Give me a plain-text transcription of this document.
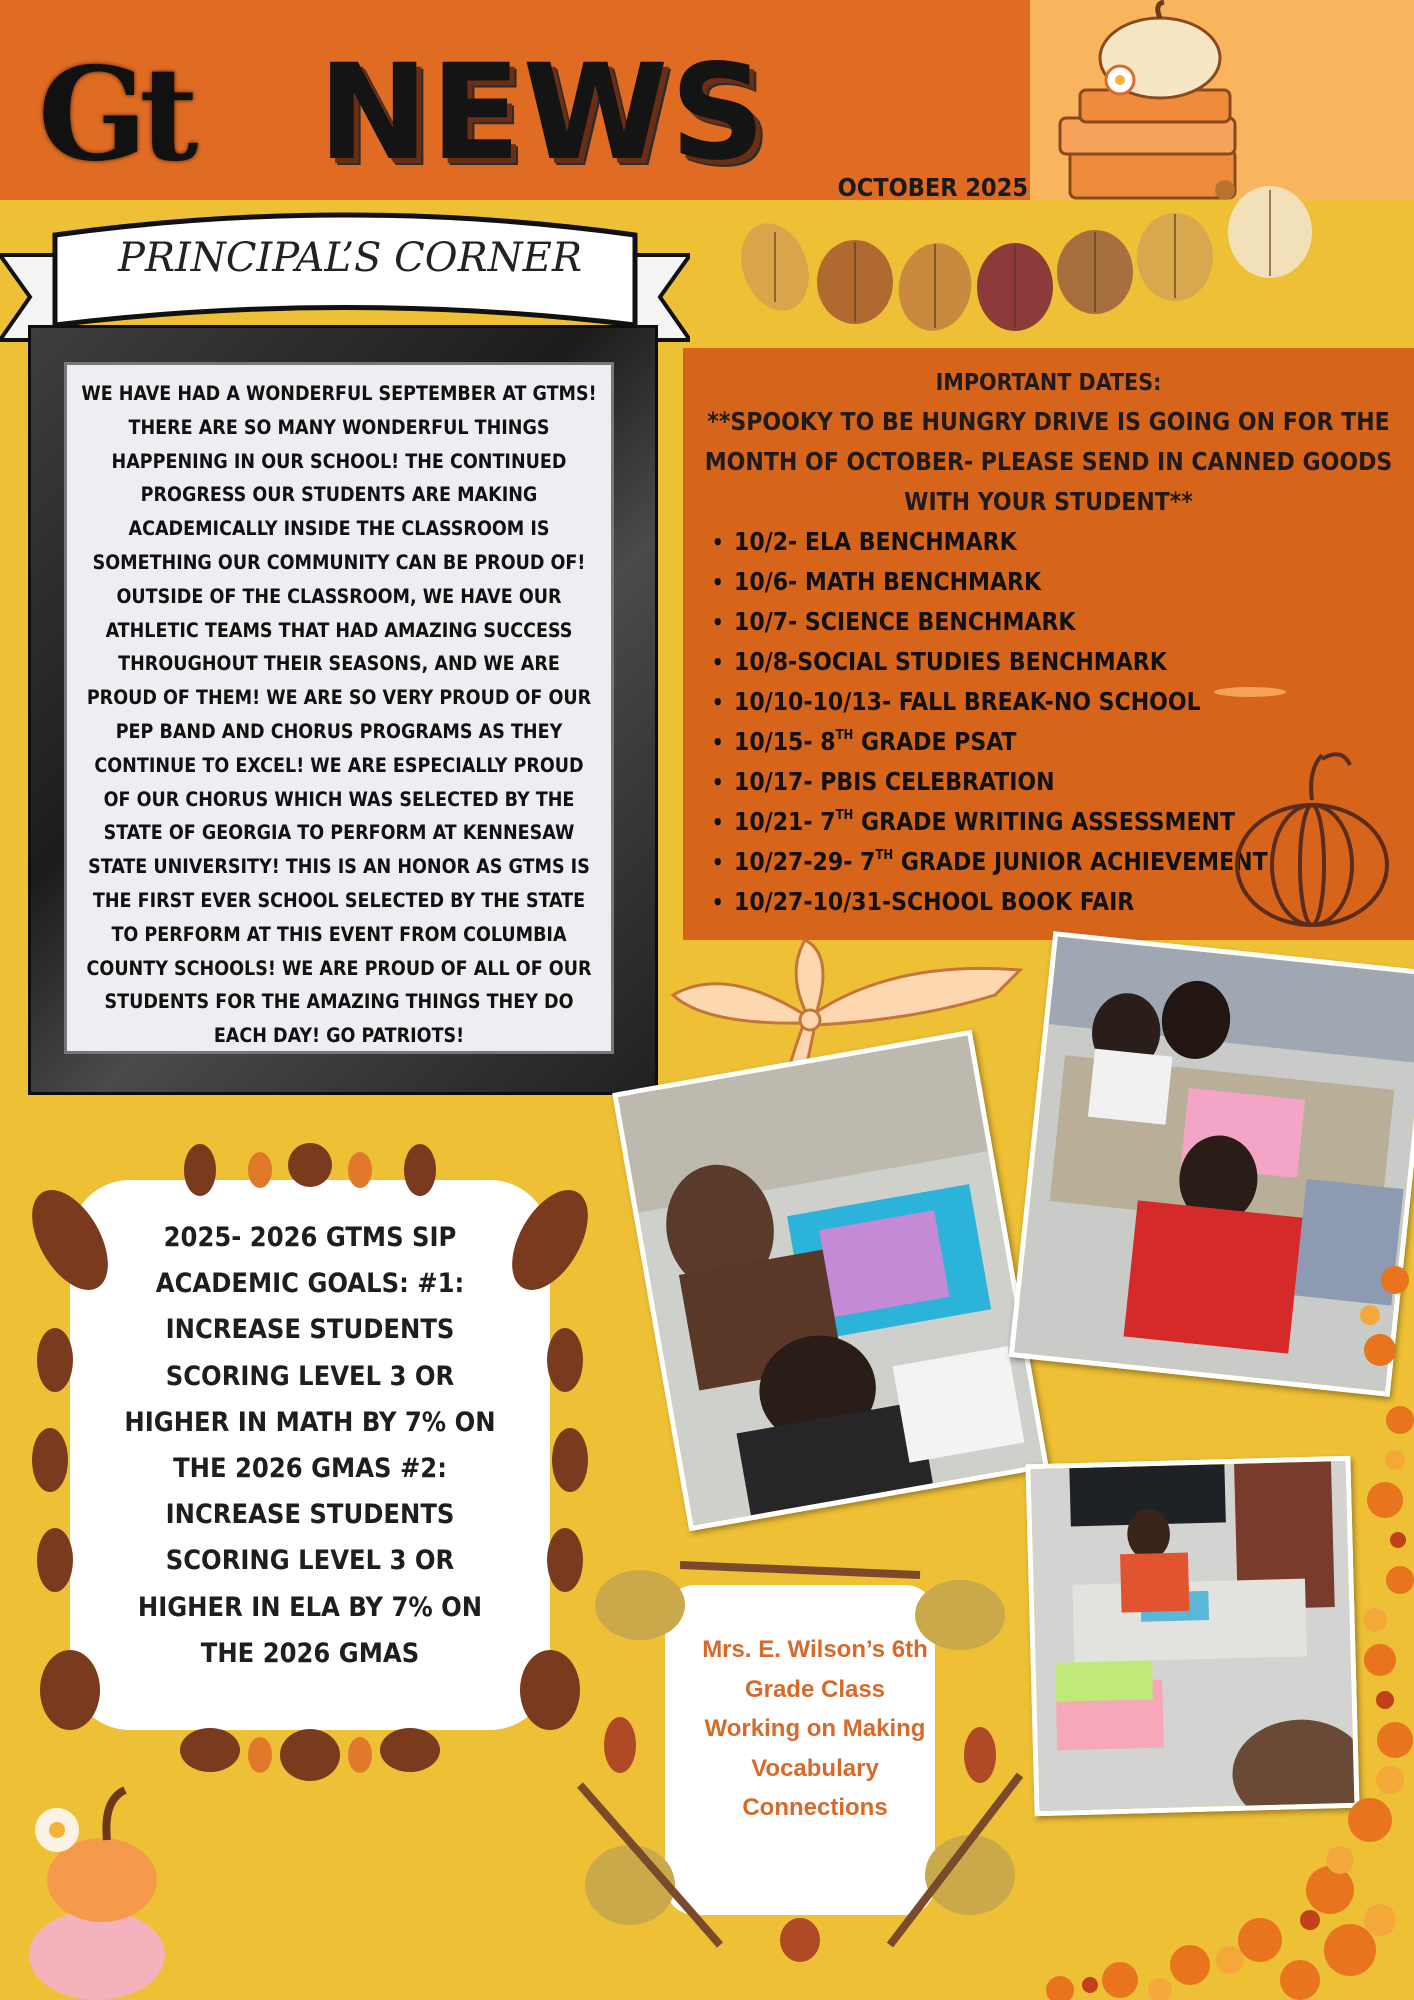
Gt NEWS	OCTOBER 2025
PRINCIPAL’S CORNER

WE HAVE HAD A WONDERFUL SEPTEMBER AT GTMS! THERE ARE SO MANY WONDERFUL THINGS HAPPENING IN OUR SCHOOL! THE CONTINUED PROGRESS OUR STUDENTS ARE MAKING ACADEMICALLY INSIDE THE CLASSROOM IS SOMETHING OUR COMMUNITY CAN BE PROUD OF! OUTSIDE OF THE CLASSROOM, WE HAVE OUR ATHLETIC TEAMS THAT HAD AMAZING SUCCESS THROUGHOUT THEIR SEASONS, AND WE ARE PROUD OF THEM! WE ARE SO VERY PROUD OF OUR PEP BAND AND CHORUS PROGRAMS AS THEY CONTINUE TO EXCEL! WE ARE ESPECIALLY PROUD OF OUR CHORUS WHICH WAS SELECTED BY THE STATE OF GEORGIA TO PERFORM AT KENNESAW STATE UNIVERSITY! THIS IS AN HONOR AS GTMS IS THE FIRST EVER SCHOOL SELECTED BY THE STATE TO PERFORM AT THIS EVENT FROM COLUMBIA COUNTY SCHOOLS! WE ARE PROUD OF ALL OF OUR STUDENTS FOR THE AMAZING THINGS THEY DO EACH DAY! GO PATRIOTS!

IMPORTANT DATES:
**SPOOKY TO BE HUNGRY DRIVE IS GOING ON FOR THE MONTH OF OCTOBER- PLEASE SEND IN CANNED GOODS WITH YOUR STUDENT**
• 10/2- ELA BENCHMARK
• 10/6- MATH BENCHMARK
• 10/7- SCIENCE BENCHMARK
• 10/8-SOCIAL STUDIES BENCHMARK
• 10/10-10/13- FALL BREAK-NO SCHOOL
• 10/15- 8TH GRADE PSAT
• 10/17- PBIS CELEBRATION
• 10/21- 7TH GRADE WRITING ASSESSMENT
• 10/27-29- 7TH GRADE JUNIOR ACHIEVEMENT
• 10/27-10/31-SCHOOL BOOK FAIR
2025- 2026 GTMS SIP ACADEMIC GOALS: #1: INCREASE STUDENTS SCORING LEVEL 3 OR HIGHER IN MATH BY 7% ON THE 2026 GMAS #2: INCREASE STUDENTS SCORING LEVEL 3 OR HIGHER IN ELA BY 7% ON THE 2026 GMAS	Mrs. E. Wilson’s 6th Grade Class Working on Making Vocabulary Connections
